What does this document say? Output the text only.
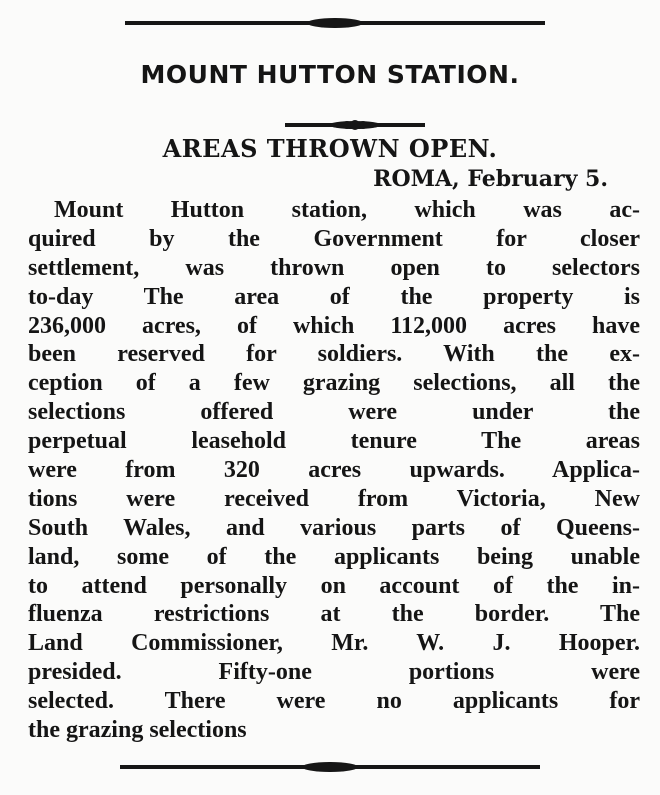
MOUNT HUTTON STATION.
AREAS THROWN OPEN.
ROMA, February 5.
Mount Hutton station, which was ac-
quired by the Government for closer
settlement, was thrown open to selectors
to-day The area of the property is
236,000 acres, of which 112,000 acres have
been reserved for soldiers. With the ex-
ception of a few grazing selections, all the
selections offered were under the
perpetual leasehold tenure The areas
were from 320 acres upwards. Applica-
tions were received from Victoria, New
South Wales, and various parts of Queens-
land, some of the applicants being unable
to attend personally on account of the in-
fluenza restrictions at the border. The
Land Commissioner, Mr. W. J. Hooper.
presided. Fifty-one portions were
selected. There were no applicants for
the grazing selections
